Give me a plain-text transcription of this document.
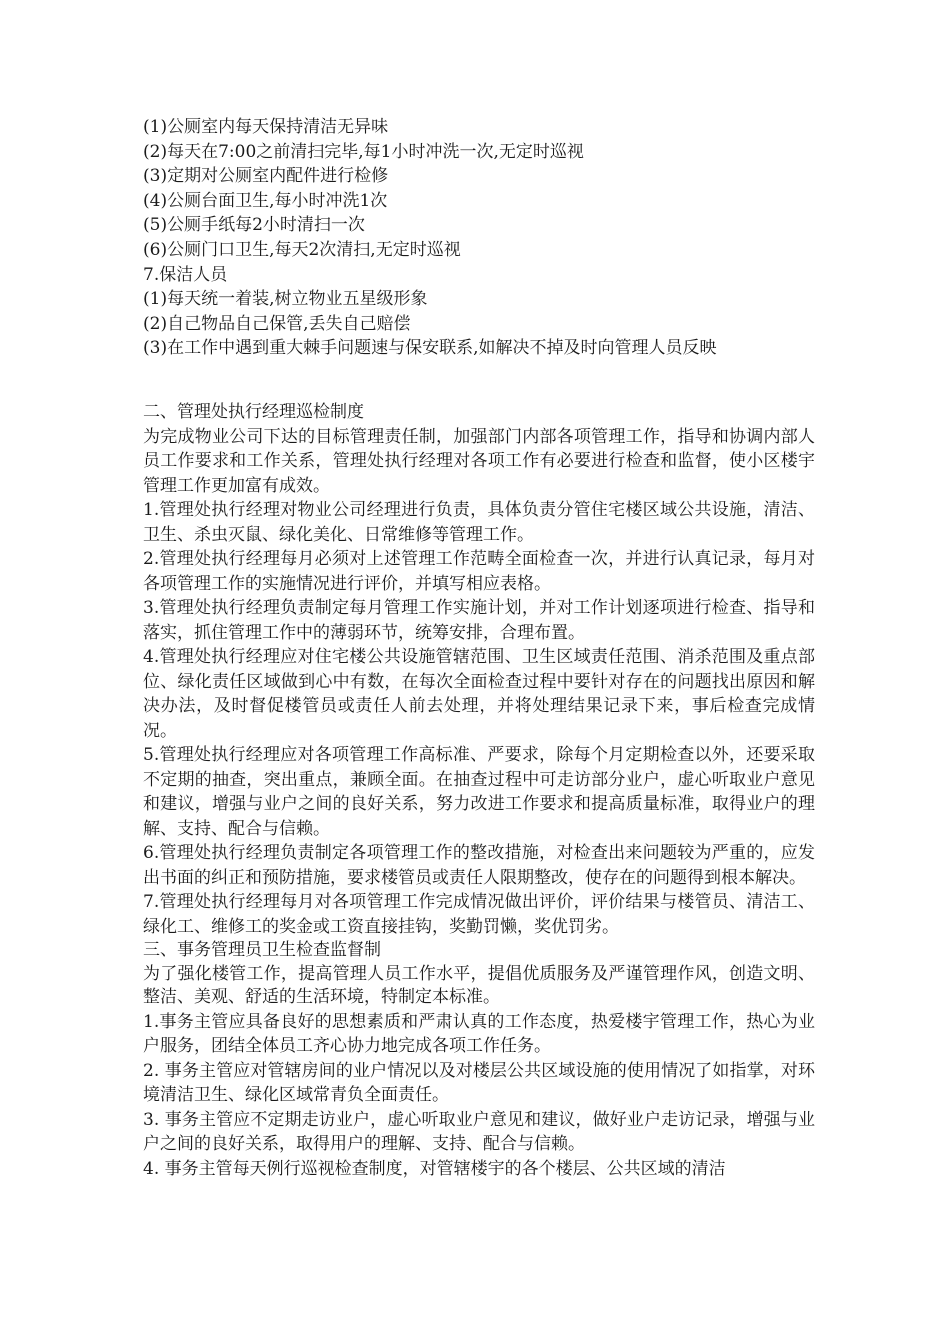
(1)公厕室内每天保持清洁无异味

(2)每天在7:00之前清扫完毕,每1小时冲洗一次,无定时巡视

(3)定期对公厕室内配件进行检修

(4)公厕台面卫生,每小时冲洗1次

(5)公厕手纸每2小时清扫一次

(6)公厕门口卫生,每天2次清扫,无定时巡视

7.保洁人员

(1)每天统一着装,树立物业五星级形象

(2)自己物品自己保管,丢失自己赔偿

(3)在工作中遇到重大棘手问题速与保安联系,如解决不掉及时向管理人员反映

二、管理处执行经理巡检制度

为完成物业公司下达的目标管理责任制，加强部门内部各项管理工作，指导和协调内部人员工作要求和工作关系，管理处执行经理对各项工作有必要进行检查和监督，使小区楼宇管理工作更加富有成效。

1.管理处执行经理对物业公司经理进行负责，具体负责分管住宅楼区域公共设施，清洁、卫生、杀虫灭鼠、绿化美化、日常维修等管理工作。

2.管理处执行经理每月必须对上述管理工作范畴全面检查一次，并进行认真记录，每月对各项管理工作的实施情况进行评价，并填写相应表格。

3.管理处执行经理负责制定每月管理工作实施计划，并对工作计划逐项进行检查、指导和落实，抓住管理工作中的薄弱环节，统筹安排，合理布置。

4.管理处执行经理应对住宅楼公共设施管辖范围、卫生区域责任范围、消杀范围及重点部位、绿化责任区域做到心中有数，在每次全面检查过程中要针对存在的问题找出原因和解决办法，及时督促楼管员或责任人前去处理，并将处理结果记录下来，事后检查完成情况。

5.管理处执行经理应对各项管理工作高标准、严要求，除每个月定期检查以外，还要采取不定期的抽查，突出重点，兼顾全面。在抽查过程中可走访部分业户，虚心听取业户意见和建议，增强与业户之间的良好关系，努力改进工作要求和提高质量标准，取得业户的理解、支持、配合与信赖。

6.管理处执行经理负责制定各项管理工作的整改措施，对检查出来问题较为严重的，应发出书面的纠正和预防措施，要求楼管员或责任人限期整改，使存在的问题得到根本解决。

7.管理处执行经理每月对各项管理工作完成情况做出评价，评价结果与楼管员、清洁工、绿化工、维修工的奖金或工资直接挂钩，奖勤罚懒，奖优罚劣。

三、事务管理员卫生检查监督制

为了强化楼管工作，提高管理人员工作水平，提倡优质服务及严谨管理作风，创造文明、整洁、美观、舒适的生活环境，特制定本标准。

1.事务主管应具备良好的思想素质和严肃认真的工作态度，热爱楼宇管理工作，热心为业户服务，团结全体员工齐心协力地完成各项工作任务。

2. 事务主管应对管辖房间的业户情况以及对楼层公共区域设施的使用情况了如指掌，对环境清洁卫生、绿化区域常青负全面责任。

3. 事务主管应不定期走访业户，虚心听取业户意见和建议，做好业户走访记录，增强与业户之间的良好关系，取得用户的理解、支持、配合与信赖。

4. 事务主管每天例行巡视检查制度，对管辖楼宇的各个楼层、公共区域的清洁
